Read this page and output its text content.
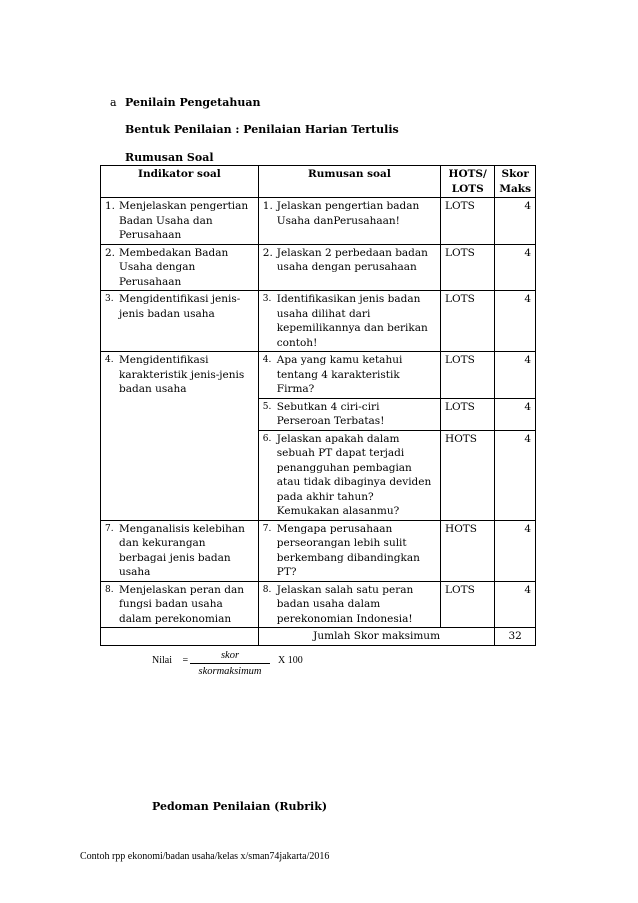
a Penilain Pengetahuan
Bentuk Penilaian : Penilaian Harian Tertulis
Rumusan Soal
Indikator soal	Rumusan soal	HOTS/ LOTS	Skor Maks

1. Menjelaskan pengertian Badan Usaha dan Perusahaan	1. Jelaskan pengertian badan Usaha danPerusahaan!	LOTS	4

2. Membedakan Badan Usaha dengan Perusahaan	2. Jelaskan 2 perbedaan badan usaha dengan perusahaan	LOTS	4

3. Mengidentifikasi jenis-jenis badan usaha	3. Identifikasikan jenis badan usaha dilihat dari kepemilikannya dan berikan contoh!	LOTS	4

4. Mengidentifikasi karakteristik jenis-jenis badan usaha	4. Apa yang kamu ketahui tentang 4 karakteristik Firma?	LOTS	4

	5. Sebutkan 4 ciri-ciri Perseroan Terbatas!	LOTS	4

	6. Jelaskan apakah dalam sebuah PT dapat terjadi penangguhan pembagian atau tidak dibaginya deviden pada akhir tahun? Kemukakan alasanmu?	HOTS	4

7. Menganalisis kelebihan dan kekurangan berbagai jenis badan usaha	7. Mengapa perusahaan perseorangan lebih sulit berkembang dibandingkan PT?	HOTS	4

8. Menjelaskan peran dan fungsi badan usaha dalam perekonomian	8. Jelaskan salah satu peran badan usaha dalam perekonomian Indonesia!	LOTS	4
	Jumlah Skor maksimum		32
Nilai =	skor
skormaksimum
X 100
Pedoman Penilaian (Rubrik)
Contoh rpp ekonomi/badan usaha/kelas x/sman74jakarta/2016
